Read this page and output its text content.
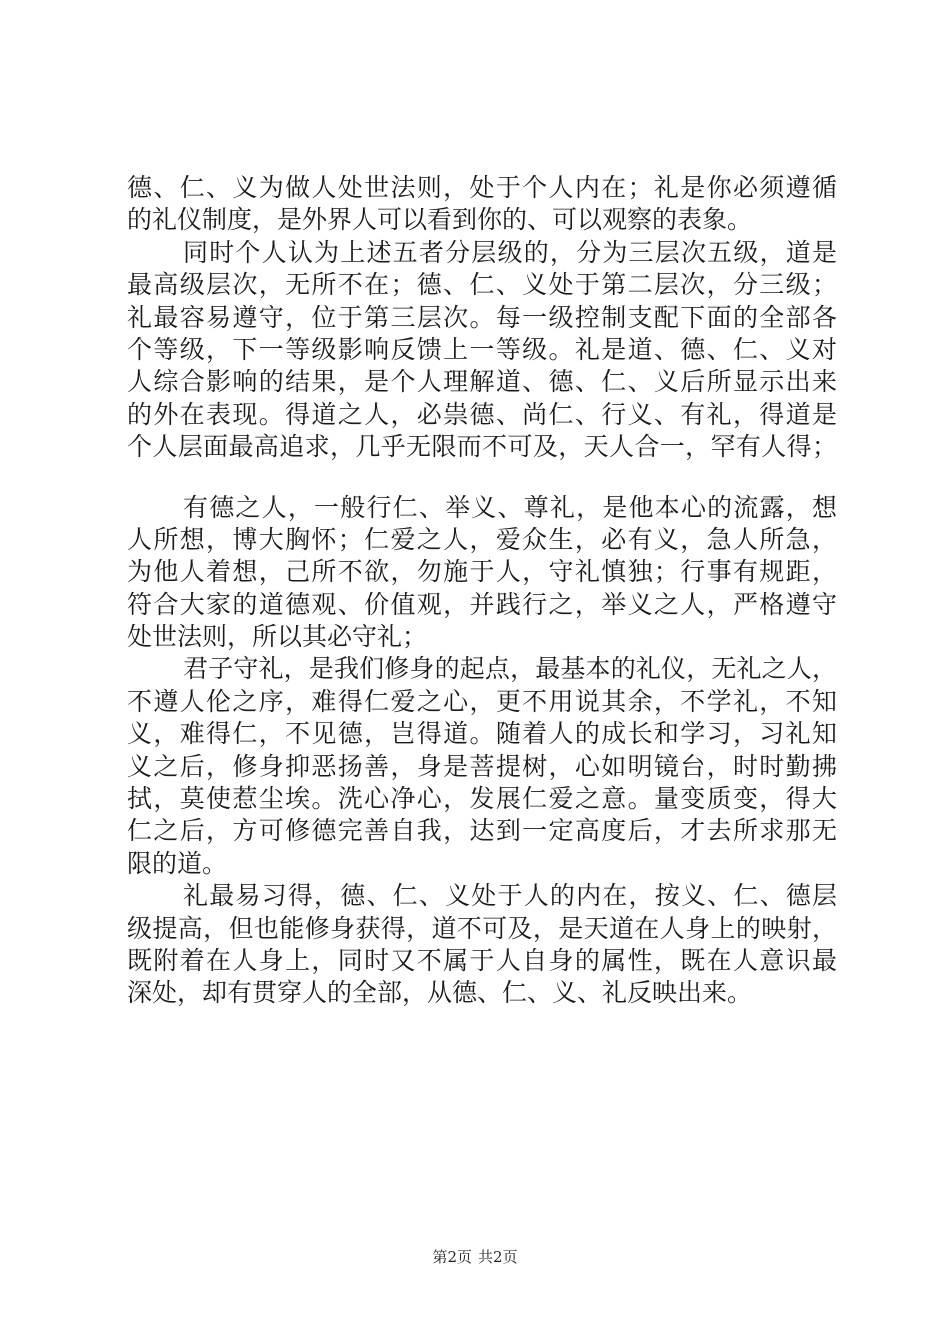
德、仁、义为做人处世法则，处于个人内在；礼是你必须遵循
的礼仪制度，是外界人可以看到你的、可以观察的表象。
同时个人认为上述五者分层级的，分为三层次五级，道是
最高级层次，无所不在；德、仁、义处于第二层次，分三级；
礼最容易遵守，位于第三层次。每一级控制支配下面的全部各
个等级，下一等级影响反馈上一等级。礼是道、德、仁、义对
人综合影响的结果，是个人理解道、德、仁、义后所显示出来
的外在表现。得道之人，必祟德、尚仁、行义、有礼，得道是
个人层面最高追求，几乎无限而不可及，天人合一，罕有人得；
有德之人，一般行仁、举义、尊礼，是他本心的流露，想
人所想，博大胸怀；仁爱之人，爱众生，必有义，急人所急，
为他人着想，己所不欲，勿施于人，守礼慎独；行事有规距，
符合大家的道德观、价值观，并践行之，举义之人，严格遵守
处世法则，所以其必守礼；
君子守礼，是我们修身的起点，最基本的礼仪，无礼之人，
不遵人伦之序，难得仁爱之心，更不用说其余，不学礼，不知
义，难得仁，不见德，岂得道。随着人的成长和学习，习礼知
义之后，修身抑恶扬善，身是菩提树，心如明镜台，时时勤拂
拭，莫使惹尘埃。洗心净心，发展仁爱之意。量变质变，得大
仁之后，方可修德完善自我，达到一定高度后，才去所求那无
限的道。
礼最易习得，德、仁、义处于人的内在，按义、仁、德层
级提高，但也能修身获得，道不可及，是天道在人身上的映射，
既附着在人身上，同时又不属于人自身的属性，既在人意识最
深处，却有贯穿人的全部，从德、仁、义、礼反映出来。
第2页 共2页
